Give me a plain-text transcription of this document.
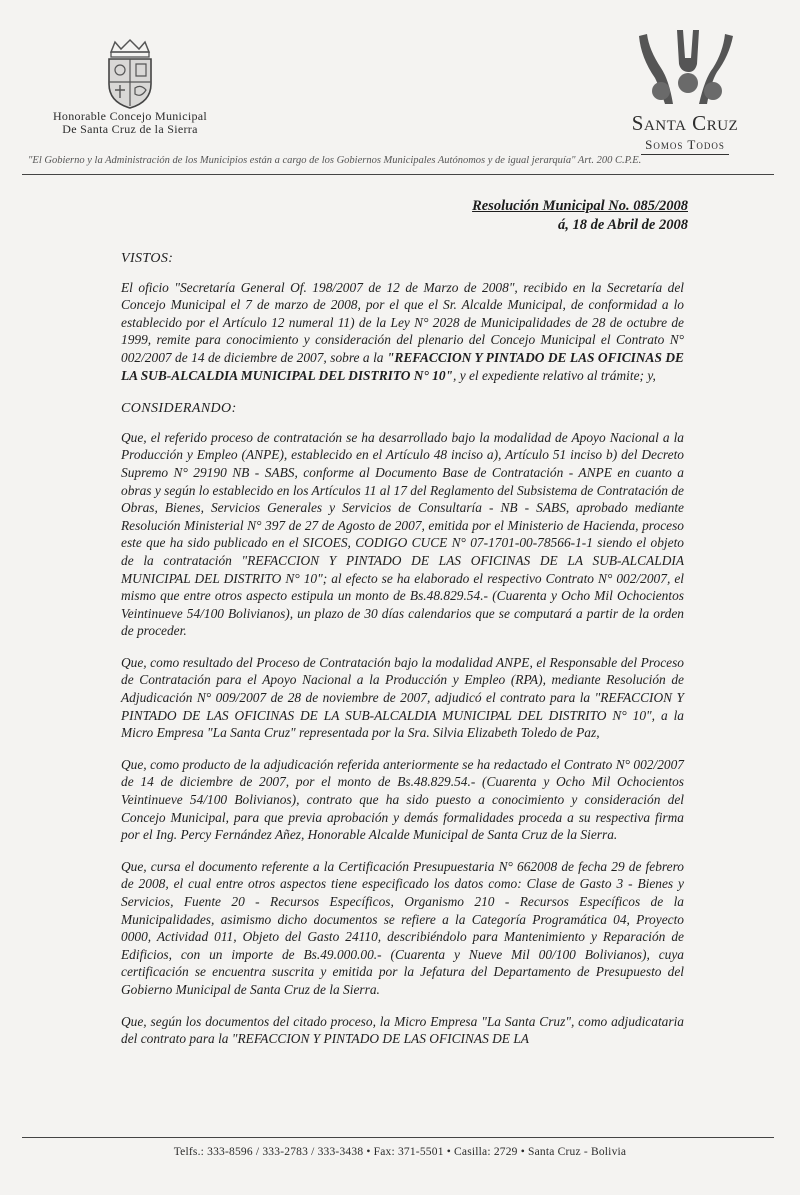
Honorable Concejo Municipal
De Santa Cruz de la Sierra	Santa Cruz
Somos Todos
"El Gobierno y la Administración de los Municipios están a cargo de los Gobiernos Municipales Autónomos y de igual jerarquía" Art. 200 C.P.E.
Resolución Municipal No. 085/2008
á, 18 de Abril de 2008
VISTOS:

El oficio "Secretaría General Of. 198/2007 de 12 de Marzo de 2008", recibido en la Secretaría del Concejo Municipal el 7 de marzo de 2008, por el que el Sr. Alcalde Municipal, de conformidad a lo establecido por el Artículo 12 numeral 11) de la Ley N° 2028 de Municipalidades de 28 de octubre de 1999, remite para conocimiento y consideración del plenario del Concejo Municipal el Contrato N° 002/2007 de 14 de diciembre de 2007, sobre a la "REFACCION Y PINTADO DE LAS OFICINAS DE LA SUB-ALCALDIA MUNICIPAL DEL DISTRITO N° 10", y el expediente relativo al trámite; y,

CONSIDERANDO:

Que, el referido proceso de contratación se ha desarrollado bajo la modalidad de Apoyo Nacional a la Producción y Empleo (ANPE), establecido en el Artículo 48 inciso a), Artículo 51 inciso b) del Decreto Supremo N° 29190 NB - SABS, conforme al Documento Base de Contratación - ANPE en cuanto a obras y según lo establecido en los Artículos 11 al 17 del Reglamento del Subsistema de Contratación de Obras, Bienes, Servicios Generales y Servicios de Consultaría - NB - SABS, aprobado mediante Resolución Ministerial N° 397 de 27 de Agosto de 2007, emitida por el Ministerio de Hacienda, proceso este que ha sido publicado en el SICOES, CODIGO CUCE N° 07-1701-00-78566-1-1 siendo el objeto de la contratación "REFACCION Y PINTADO DE LAS OFICINAS DE LA SUB-ALCALDIA MUNICIPAL DEL DISTRITO N° 10"; al efecto se ha elaborado el respectivo Contrato N° 002/2007, el mismo que entre otros aspecto estipula un monto de Bs.48.829.54.- (Cuarenta y Ocho Mil Ochocientos Veintinueve 54/100 Bolivianos), un plazo de 30 días calendarios que se computará a partir de la orden de proceder.

Que, como resultado del Proceso de Contratación bajo la modalidad ANPE, el Responsable del Proceso de Contratación para el Apoyo Nacional a la Producción y Empleo (RPA), mediante Resolución de Adjudicación N° 009/2007 de 28 de noviembre de 2007, adjudicó el contrato para la "REFACCION Y PINTADO DE LAS OFICINAS DE LA SUB-ALCALDIA MUNICIPAL DEL DISTRITO N° 10", a la Micro Empresa "La Santa Cruz" representada por la Sra. Silvia Elizabeth Toledo de Paz,

Que, como producto de la adjudicación referida anteriormente se ha redactado el Contrato N° 002/2007 de 14 de diciembre de 2007, por el monto de Bs.48.829.54.- (Cuarenta y Ocho Mil Ochocientos Veintinueve 54/100 Bolivianos), contrato que ha sido puesto a conocimiento y consideración del Concejo Municipal, para que previa aprobación y demás formalidades proceda a su respectiva firma por el Ing. Percy Fernández Añez, Honorable Alcalde Municipal de Santa Cruz de la Sierra.

Que, cursa el documento referente a la Certificación Presupuestaria N° 662008 de fecha 29 de febrero de 2008, el cual entre otros aspectos tiene especificado los datos como: Clase de Gasto 3 - Bienes y Servicios, Fuente 20 - Recursos Específicos, Organismo 210 - Recursos Específicos de la Municipalidades, asimismo dicho documentos se refiere a la Categoría Programática 04, Proyecto 0000, Actividad 011, Objeto del Gasto 24110, describiéndolo para Mantenimiento y Reparación de Edificios, con un importe de Bs.49.000.00.- (Cuarenta y Nueve Mil 00/100 Bolivianos), cuya certificación se encuentra suscrita y emitida por la Jefatura del Departamento de Presupuesto del Gobierno Municipal de Santa Cruz de la Sierra.

Que, según los documentos del citado proceso, la Micro Empresa "La Santa Cruz", como adjudicataria del contrato para la "REFACCION Y PINTADO DE LAS OFICINAS DE LA

Telfs.: 333-8596 / 333-2783 / 333-3438 • Fax: 371-5501 • Casilla: 2729 • Santa Cruz - Bolivia
